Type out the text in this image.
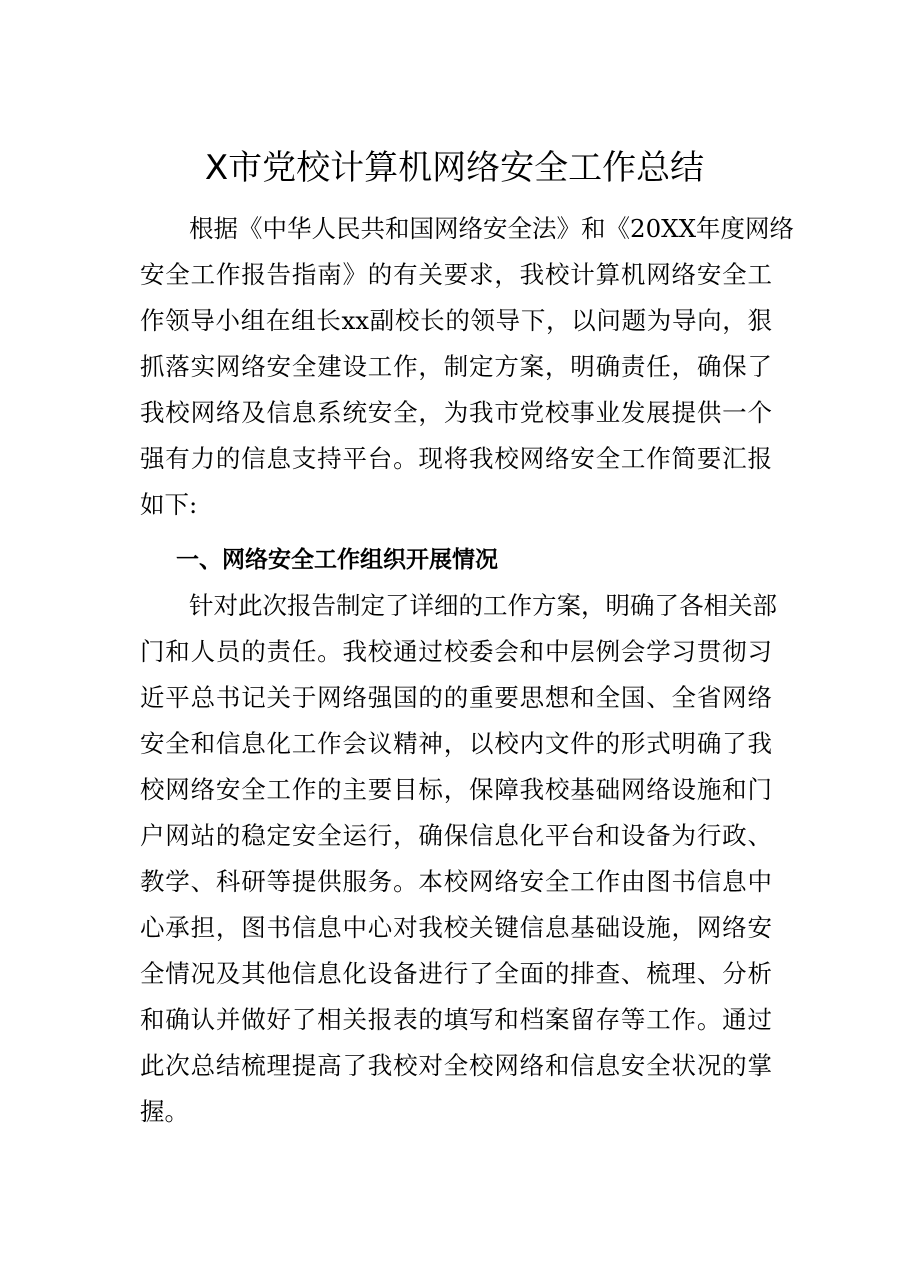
X市党校计算机网络安全工作总结
　　根据《中华人民共和国网络安全法》和《20XX年度网络
安全工作报告指南》的有关要求，我校计算机网络安全工
作领导小组在组长xx副校长的领导下，以问题为导向，狠
抓落实网络安全建设工作，制定方案，明确责任，确保了
我校网络及信息系统安全，为我市党校事业发展提供一个
强有力的信息支持平台。现将我校网络安全工作简要汇报
如下:
一、网络安全工作组织开展情况
　　针对此次报告制定了详细的工作方案，明确了各相关部
门和人员的责任。我校通过校委会和中层例会学习贯彻习
近平总书记关于网络强国的的重要思想和全国、全省网络
安全和信息化工作会议精神，以校内文件的形式明确了我
校网络安全工作的主要目标，保障我校基础网络设施和门
户网站的稳定安全运行，确保信息化平台和设备为行政、
教学、科研等提供服务。本校网络安全工作由图书信息中
心承担，图书信息中心对我校关键信息基础设施，网络安
全情况及其他信息化设备进行了全面的排查、梳理、分析
和确认并做好了相关报表的填写和档案留存等工作。通过
此次总结梳理提高了我校对全校网络和信息安全状况的掌
握。
